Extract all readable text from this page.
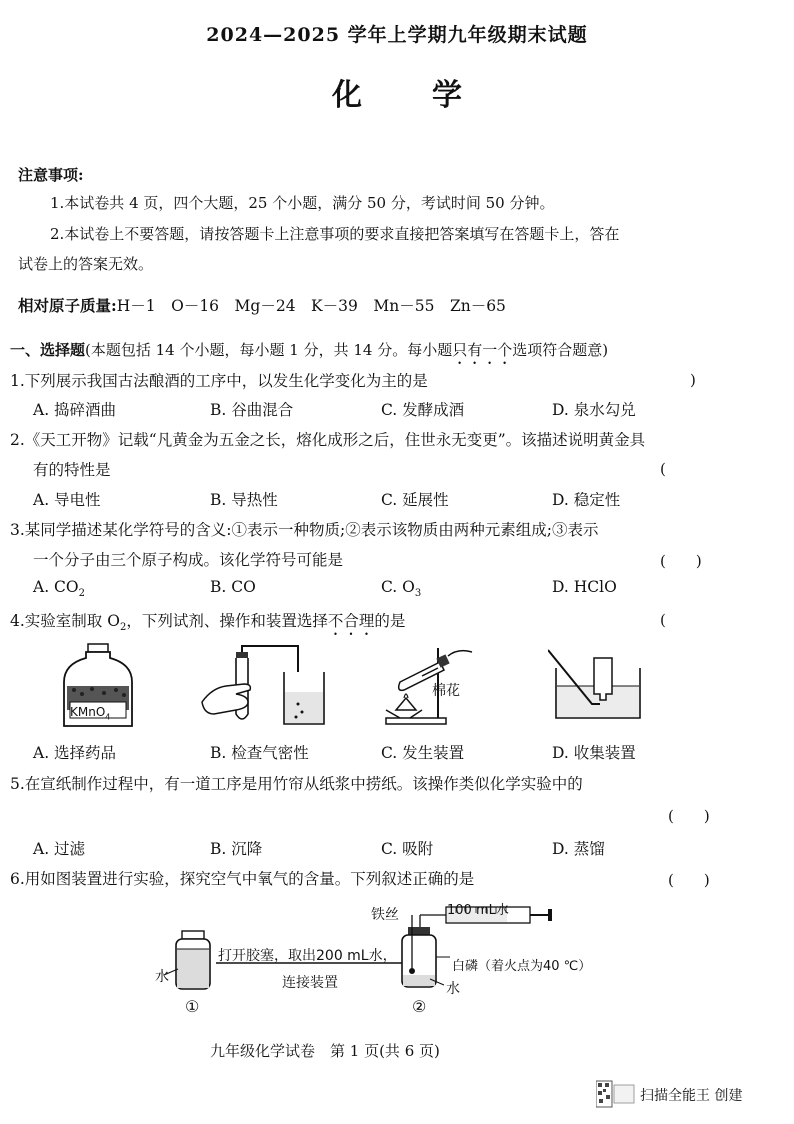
2024—2025 学年上学期九年级期末试题
化学
注意事项:
1.本试卷共 4 页，四个大题，25 个小题，满分 50 分，考试时间 50 分钟。
2.本试卷上不要答题，请按答题卡上注意事项的要求直接把答案填写在答题卡上，答在
试卷上的答案无效。
相对原子质量:H－1　O－16　Mg－24　K－39　Mn－55　Zn－65
一、选择题(本题包括 14 个小题，每小题 1 分，共 14 分。每小题只有一个选项符合题意)
1.下列展示我国古法酿酒的工序中，以发生化学变化为主的是	)
A. 捣碎酒曲	B. 谷曲混合	C. 发酵成酒	D. 泉水勾兑
2.《天工开物》记载“凡黄金为五金之长，熔化成形之后，住世永无变更”。该描述说明黄金具
有的特性是	(
A. 导电性	B. 导热性	C. 延展性	D. 稳定性
3.某同学描述某化学符号的含义:①表示一种物质;②表示该物质由两种元素组成;③表示
一个分子由三个原子构成。该化学符号可能是	(　　)
A. $CO_2$	B. CO	C. $O_3$	D. HClO
4.实验室制取 $O_2$，下列试剂、操作和装置选择不合理的是	(
KMnO$_4$
棉花
A. 选择药品	B. 检查气密性	C. 发生装置	D. 收集装置
5.在宣纸制作过程中，有一道工序是用竹帘从纸浆中捞纸。该操作类似化学实验中的
(　　)
A. 过滤	B. 沉降	C. 吸附	D. 蒸馏
6.用如图装置进行实验，探究空气中氧气的含量。下列叙述正确的是	(　　)
水
打开胶塞，取出200 mL水，
连接装置
①
铁丝	100 mL水
白磷（着火点为40 ℃）
水
②
九年级化学试卷　第 1 页(共 6 页)
扫描全能王 创建
